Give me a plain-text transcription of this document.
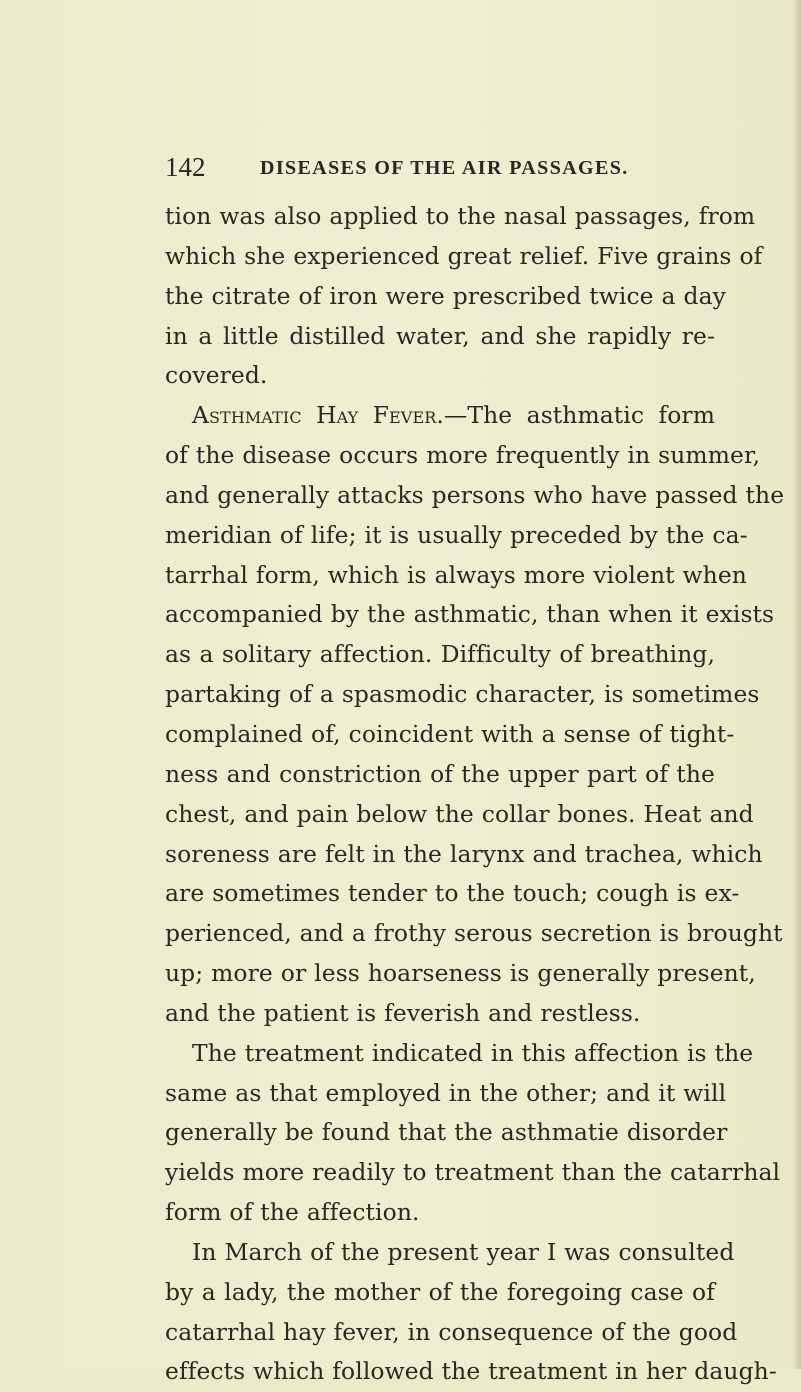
142	DISEASES OF THE AIR PASSAGES.
tion was also applied to the nasal passages, from
which she experienced great relief. Five grains of
the citrate of iron were prescribed twice a day
in a little distilled water, and she rapidly re-
covered.
Asthmatic Hay Fever.—The asthmatic form
of the disease occurs more frequently in summer,
and generally attacks persons who have passed the
meridian of life; it is usually preceded by the ca-
tarrhal form, which is always more violent when
accompanied by the asthmatic, than when it exists
as a solitary affection. Difficulty of breathing,
partaking of a spasmodic character, is sometimes
complained of, coincident with a sense of tight-
ness and constriction of the upper part of the
chest, and pain below the collar bones. Heat and
soreness are felt in the larynx and trachea, which
are sometimes tender to the touch; cough is ex-
perienced, and a frothy serous secretion is brought
up; more or less hoarseness is generally present,
and the patient is feverish and restless.
The treatment indicated in this affection is the
same as that employed in the other; and it will
generally be found that the asthmatie disorder
yields more readily to treatment than the catarrhal
form of the affection.
In March of the present year I was consulted
by a lady, the mother of the foregoing case of
catarrhal hay fever, in consequence of the good
effects which followed the treatment in her daugh-
